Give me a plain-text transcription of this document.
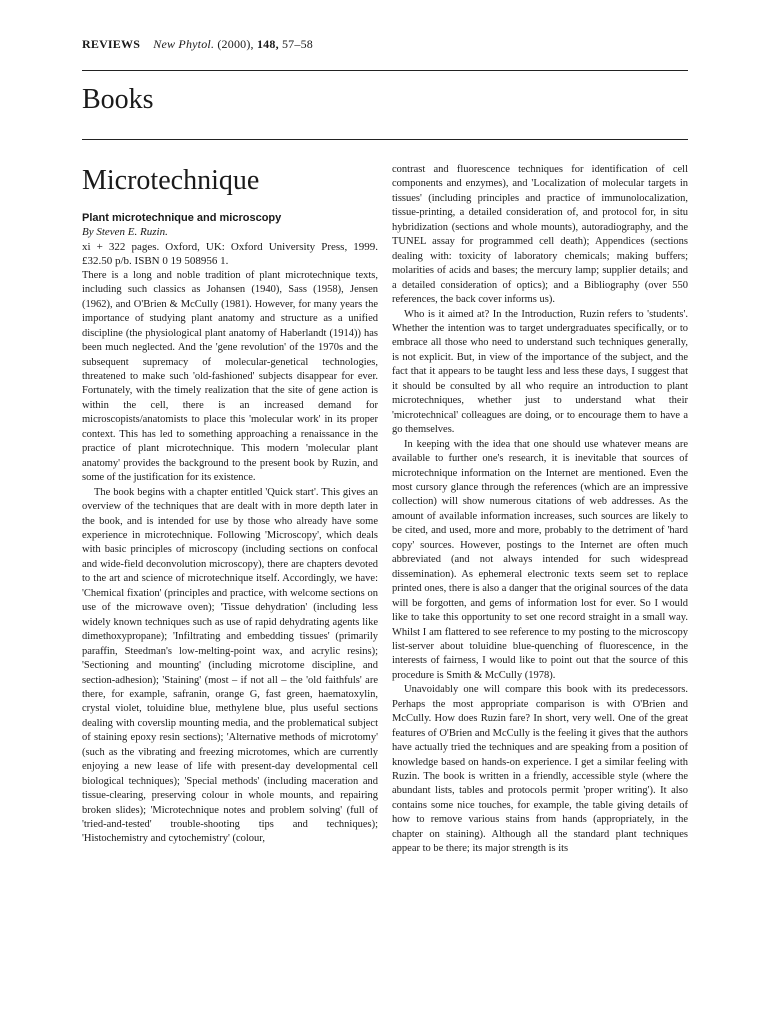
REVIEWS New Phytol. (2000), 148, 57–58
Books
Microtechnique

Plant microtechnique and microscopy

By Steven E. Ruzin.

xi + 322 pages. Oxford, UK: Oxford University Press, 1999. £32.50 p/b. ISBN 0 19 508956 1.

There is a long and noble tradition of plant microtechnique texts, including such classics as Johansen (1940), Sass (1958), Jensen (1962), and O'Brien & McCully (1981). However, for many years the importance of studying plant anatomy and structure as a unified discipline (the physiological plant anatomy of Haberlandt (1914)) has been much neglected. And the 'gene revolution' of the 1970s and the subsequent supremacy of molecular-genetical technologies, threatened to make such 'old-fashioned' subjects disappear for ever. Fortunately, with the timely realization that the site of gene action is within the cell, there is an increased demand for microscopists/anatomists to place this 'molecular work' in its proper context. This has led to something approaching a renaissance in the practice of plant microtechnique. This modern 'molecular plant anatomy' provides the background to the present book by Ruzin, and some of the justification for its existence.

The book begins with a chapter entitled 'Quick start'. This gives an overview of the techniques that are dealt with in more depth later in the book, and is intended for use by those who already have some experience in microtechnique. Following 'Microscopy', which deals with basic principles of microscopy (including sections on confocal and wide-field deconvolution microscopy), there are chapters devoted to the art and science of microtechnique itself. Accordingly, we have: 'Chemical fixation' (principles and practice, with welcome sections on use of the microwave oven); 'Tissue dehydration' (including less widely known techniques such as use of rapid dehydrating agents like dimethoxypropane); 'Infiltrating and embedding tissues' (primarily paraffin, Steedman's low-melting-point wax, and acrylic resins); 'Sectioning and mounting' (including microtome discipline, and section-adhesion); 'Staining' (most – if not all – the 'old faithfuls' are there, for example, safranin, orange G, fast green, haematoxylin, crystal violet, toluidine blue, methylene blue, plus useful sections dealing with coverslip mounting media, and the problematical subject of staining epoxy resin sections); 'Alternative methods of microtomy' (such as the vibrating and freezing microtomes, which are currently enjoying a new lease of life with present-day developmental cell biological techniques); 'Special methods' (including maceration and tissue-clearing, preserving colour in whole mounts, and repairing broken slides); 'Microtechnique notes and problem solving' (full of 'tried-and-tested' trouble-shooting tips and techniques); 'Histochemistry and cytochemistry' (colour,

contrast and fluorescence techniques for identification of cell components and enzymes), and 'Localization of molecular targets in tissues' (including principles and practice of immunolocalization, tissue-printing, a detailed consideration of, and protocol for, in situ hybridization (sections and whole mounts), autoradiography, and the TUNEL assay for programmed cell death); Appendices (sections dealing with: toxicity of laboratory chemicals; making buffers; molarities of acids and bases; the mercury lamp; supplier details; and a detailed consideration of optics); and a Bibliography (over 550 references, the back cover informs us).

Who is it aimed at? In the Introduction, Ruzin refers to 'students'. Whether the intention was to target undergraduates specifically, or to embrace all those who need to understand such techniques generally, is not explicit. But, in view of the importance of the subject, and the fact that it appears to be taught less and less these days, I suggest that it should be consulted by all who require an introduction to plant microtechniques, whether just to understand what their 'microtechnical' colleagues are doing, or to encourage them to have a go themselves.

In keeping with the idea that one should use whatever means are available to further one's research, it is inevitable that sources of microtechnique information on the Internet are mentioned. Even the most cursory glance through the references (which are an impressive collection) will show numerous citations of web addresses. As the amount of available information increases, such sources are likely to be cited, and used, more and more, probably to the detriment of 'hard copy' sources. However, postings to the Internet are often much abbreviated (and not always intended for such widespread dissemination). As ephemeral electronic texts seem set to replace printed ones, there is also a danger that the original sources of the data will be forgotten, and gems of information lost for ever. So I would like to take this opportunity to set one record straight in a small way. Whilst I am flattered to see reference to my posting to the microscopy list-server about toluidine blue-quenching of fluorescence, in the interests of fairness, I would like to point out that the source of this procedure is Smith & McCully (1978).

Unavoidably one will compare this book with its predecessors. Perhaps the most appropriate comparison is with O'Brien and McCully. How does Ruzin fare? In short, very well. One of the great features of O'Brien and McCully is the feeling it gives that the authors have actually tried the techniques and are speaking from a position of knowledge based on hands-on experience. I get a similar feeling with Ruzin. The book is written in a friendly, accessible style (where the abundant lists, tables and protocols permit 'proper writing'). It also contains some nice touches, for example, the table giving details of how to remove various stains from hands (appropriately, in the chapter on staining). Although all the standard plant techniques appear to be there; its major strength is its
